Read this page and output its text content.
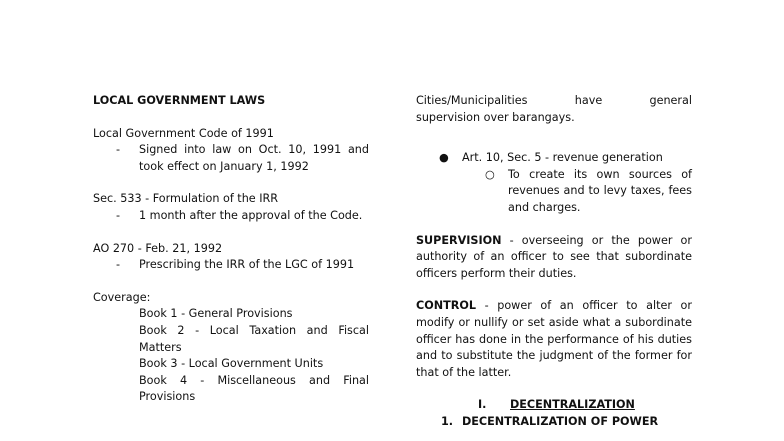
LOCAL GOVERNMENT LAWS

Local Government Code of 1991

- Signed into law on Oct. 10, 1991 and took effect on January 1, 1992

Sec. 533 - Formulation of the IRR

- 1 month after the approval of the Code.

AO 270 - Feb. 21, 1992

- Prescribing the IRR of the LGC of 1991

Coverage:

Book 1 - General Provisions

Book 2 - Local Taxation and Fiscal Matters

Book 3 - Local Government Units

Book 4 - Miscellaneous and Final Provisions

Cities/Municipalities have general

supervision over barangays.

● Art. 10, Sec. 5 - revenue generation
○ To create its own sources of revenues and to levy taxes, fees and charges.

SUPERVISION - overseeing or the power or authority of an officer to see that subordinate officers perform their duties.

CONTROL - power of an officer to alter or modify or nullify or set aside what a subordinate officer has done in the performance of his duties and to substitute the judgment of the former for that of the latter.

I. DECENTRALIZATION
1. DECENTRALIZATION OF POWER
